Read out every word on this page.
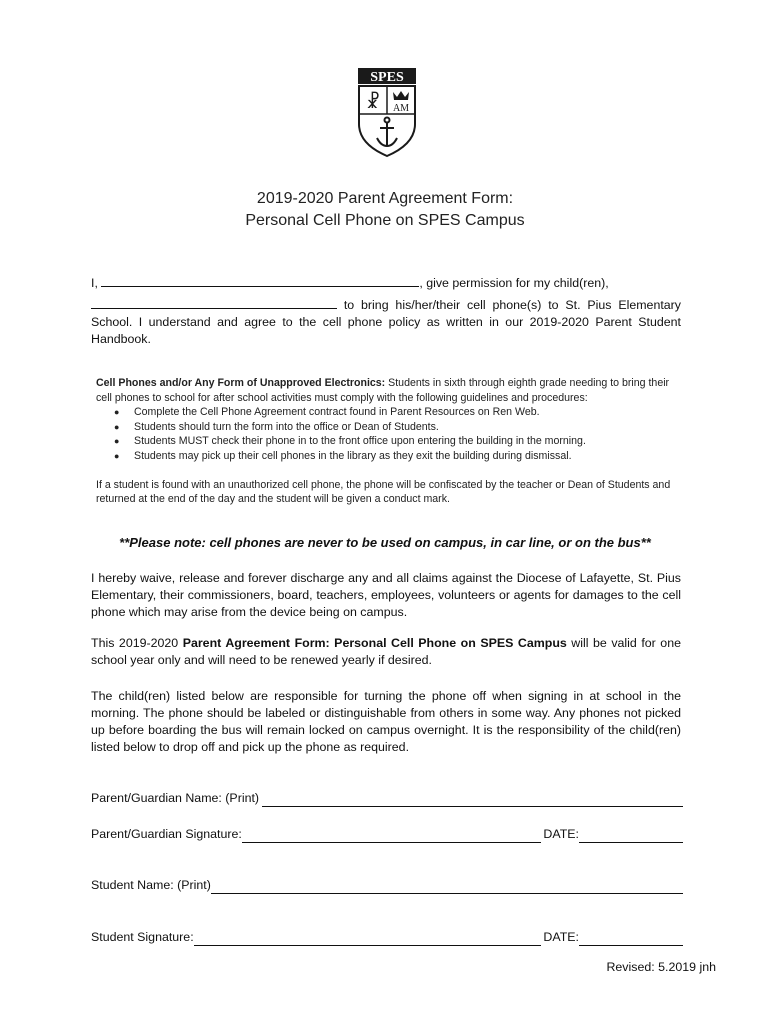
SPES
☧ AM
2019-2020 Parent Agreement Form:
Personal Cell Phone on SPES Campus
I,	, give permission for my child(ren),
to bring his/her/their cell phone(s) to St. Pius Elementary School. I understand and agree to the cell phone policy as written in our 2019-2020 Parent Student Handbook.
Cell Phones and/or Any Form of Unapproved Electronics: Students in sixth through eighth grade needing to bring their cell phones to school for after school activities must comply with the following guidelines and procedures:
● Complete the Cell Phone Agreement contract found in Parent Resources on Ren Web.
● Students should turn the form into the office or Dean of Students.
● Students MUST check their phone in to the front office upon entering the building in the morning.
● Students may pick up their cell phones in the library as they exit the building during dismissal.
If a student is found with an unauthorized cell phone, the phone will be confiscated by the teacher or Dean of Students and returned at the end of the day and the student will be given a conduct mark.
**Please note: cell phones are never to be used on campus, in car line, or on the bus**
I hereby waive, release and forever discharge any and all claims against the Diocese of Lafayette, St. Pius Elementary, their commissioners, board, teachers, employees, volunteers or agents for damages to the cell phone which may arise from the device being on campus.
This 2019-2020 Parent Agreement Form: Personal Cell Phone on SPES Campus will be valid for one school year only and will need to be renewed yearly if desired.
The child(ren) listed below are responsible for turning the phone off when signing in at school in the morning. The phone should be labeled or distinguishable from others in some way. Any phones not picked up before boarding the bus will remain locked on campus overnight. It is the responsibility of the child(ren) listed below to drop off and pick up the phone as required.
Parent/Guardian Name: (Print)
Parent/Guardian Signature:	DATE:
Student Name: (Print)
Student Signature:	DATE:
Revised: 5.2019 jnh
